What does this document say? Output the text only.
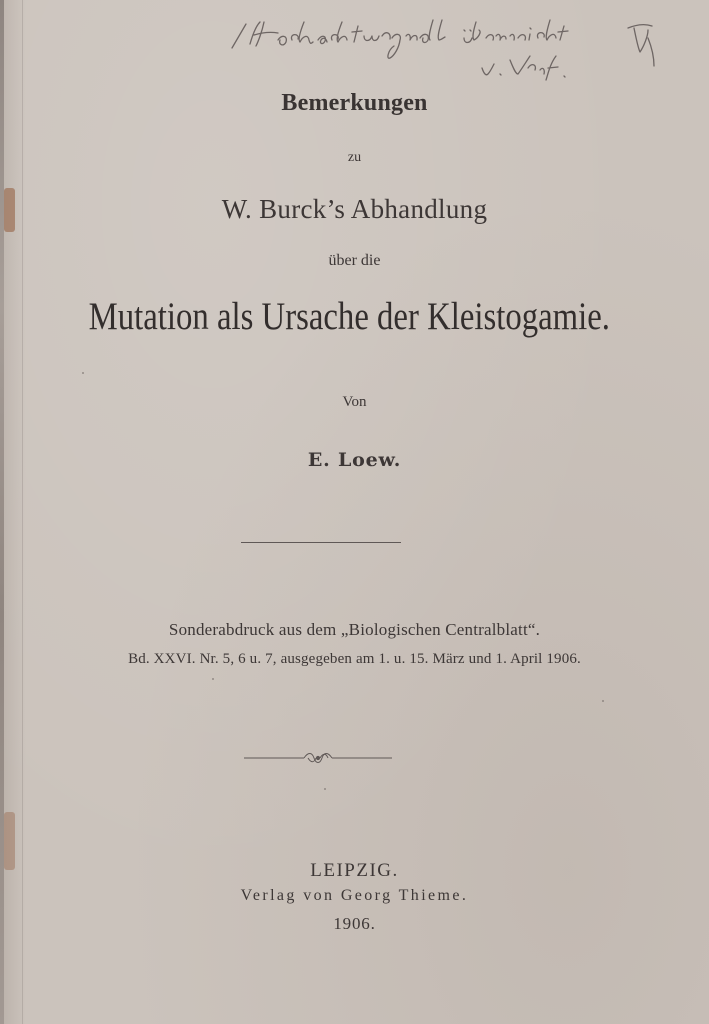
Bemerkungen
zu
W. Burck’s Abhandlung
über die
Mutation als Ursache der Kleistogamie.
Von
E. Loew.
Sonderabdruck aus dem „Biologischen Centralblatt“.
Bd. XXVI. Nr. 5, 6 u. 7, ausgegeben am 1. u. 15. März und 1. April 1906.
LEIPZIG.
Verlag von Georg Thieme.
1906.
